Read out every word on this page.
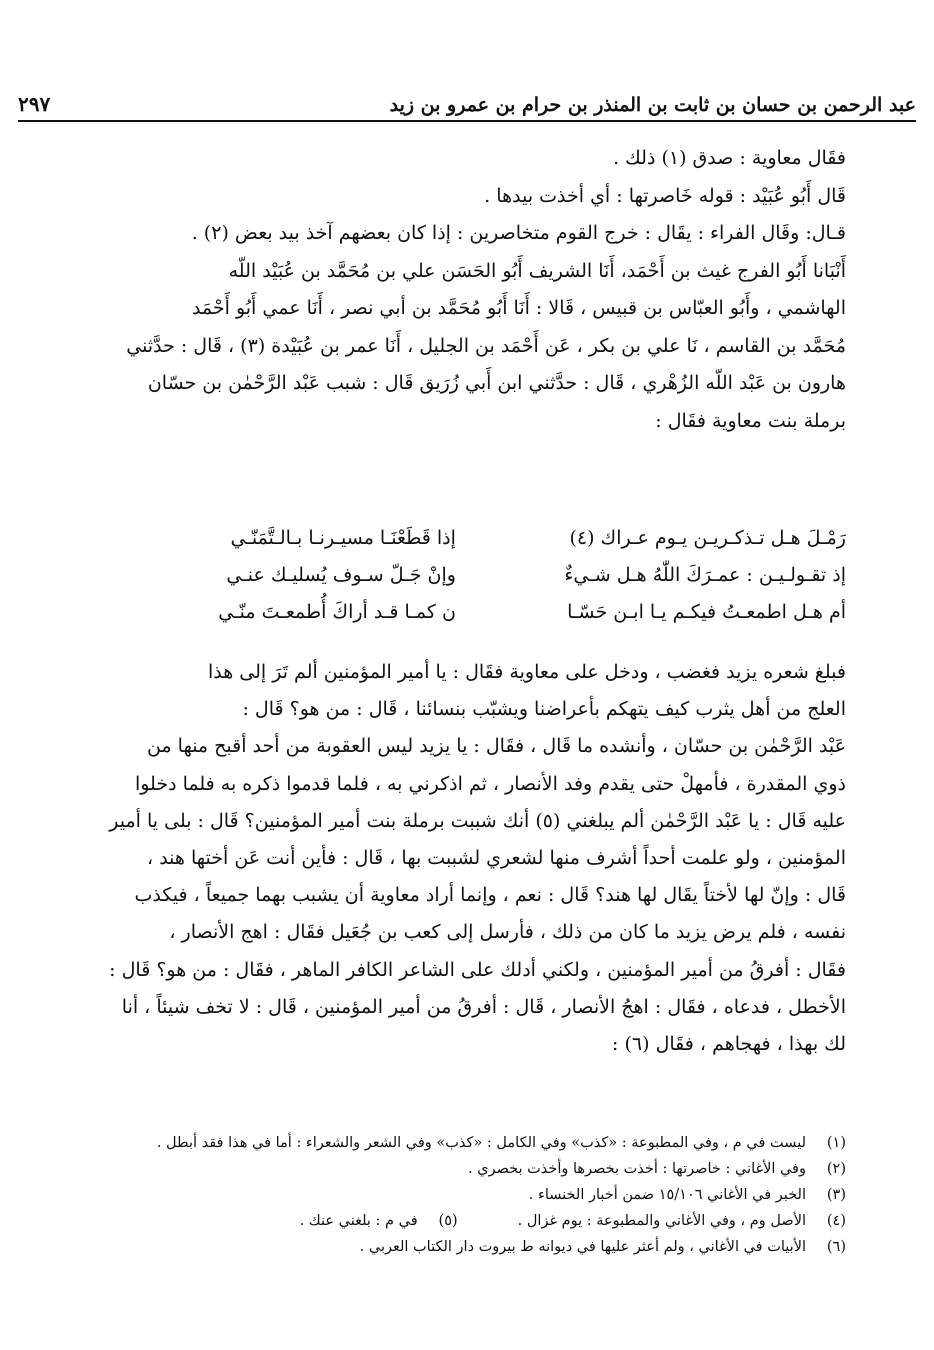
عبد الرحمن بن حسان بن ثابت بن المنذر بن حرام بن عمرو بن زيد
٢٩٧
فقَال معاوية : صدق (١) ذلك .
قَال أَبُو عُبَيْد : قوله خَاصرتها : أي أخذت بيدها .
قـال: وقَال الفراء : يقَال : خرج القوم متخاصرين : إذا كان بعضهم آخذ بيد بعض (٢) .
أَنْبَانا أَبُو الفرج غيث بن أَحْمَد، أَنَا الشريف أَبُو الحَسَن علي بن مُحَمَّد بن عُبَيْد اللّه
الهاشمي ، وأَبُو العبّاس بن قبيس ، قَالا : أَنَا أَبُو مُحَمَّد بن أبي نصر ، أَنَا عمي أَبُو أَحْمَد
مُحَمَّد بن القاسم ، نَا علي بن بكر ، عَن أَحْمَد بن الجليل ، أَنَا عمر بن عُبَيْدة (٣) ، قَال : حدَّثني
هارون بن عَبْد اللّه الزُهْري ، قَال : حدَّثني ابن أَبي زُرَيق قَال : شبب عَبْد الرَّحْمٰن بن حسّان
برملة بنت معاوية فقَال :
رَمْـلَ هـل تـذكـريـن يـوم عـراك (٤)
إذا قَطَعْنَـا مسيـرنـا بـالـتَّمَنّـي
إذ تقـولـيـن : عمـرَكَ اللّٰهُ هـل شـيءٌ
وإنْ جَـلّ سـوف يُسليـك عنـي
أم هـل اطمعـتُ فيكـم يـا ابـن حَسّـا
ن كمـا قـد أراكَ أُطمعـتَ منّـي
فبلغ شعره يزيد فغضب ، ودخل على معاوية فقَال : يا أمير المؤمنين ألم تَرَ إلى هذا
العلج من أهل يثرب كيف يتهكم بأعراضنا ويشبّب بنسائنا ، قَال : من هو؟ قَال :
عَبْد الرَّحْمٰن بن حسّان ، وأنشده ما قَال ، فقَال : يا يزيد ليس العقوبة من أحد أقبح منها من
ذوي المقدرة ، فأمهلْ حتى يقدم وفد الأنصار ، ثم اذكرني به ، فلما قدموا ذكره به فلما دخلوا
عليه قَال : يا عَبْد الرَّحْمٰن ألم يبلغني (٥) أنك شببت برملة بنت أمير المؤمنين؟ قَال : بلى يا أمير
المؤمنين ، ولو علمت أحداً أشرف منها لشعري لشببت بها ، قَال : فأين أنت عَن أختها هند ،
قَال : وإنّ لها لأختاً يقَال لها هند؟ قَال : نعم ، وإنما أراد معاوية أن يشبب بهما جميعاً ، فيكذب
نفسه ، فلم يرض يزيد ما كان من ذلك ، فأرسل إلى كعب بن جُعَيل فقَال : اهج الأنصار ،
فقَال : أفرقُ من أمير المؤمنين ، ولكني أدلك على الشاعر الكافر الماهر ، فقَال : من هو؟ قَال :
الأخطل ، فدعاه ، فقَال : اهجُ الأنصار ، قَال : أفرقُ من أمير المؤمنين ، قَال : لا تخف شيئاً ، أنا
لك بهذا ، فهجاهم ، فقَال (٦) :
(١)
ليست في م ، وفي المطبوعة : «كذب» وفي الكامل : «كذب» وفي الشعر والشعراء : أما في هذا فقد أبطل .
(٢)
وفي الأغاني : خاصرتها : أخذت بخصرها وأخذت بخصري .
(٣)
الخبر في الأغاني ١٥/١٠٦ ضمن أخبار الخنساء .
(٤)
الأصل وم ، وفي الأغاني والمطبوعة : يوم غزال .
(٥)
في م : بلغني عنك .
(٦)
الأبيات في الأغاني ، ولم أعثر عليها في ديوانه ط بيروت دار الكتاب العربي .
